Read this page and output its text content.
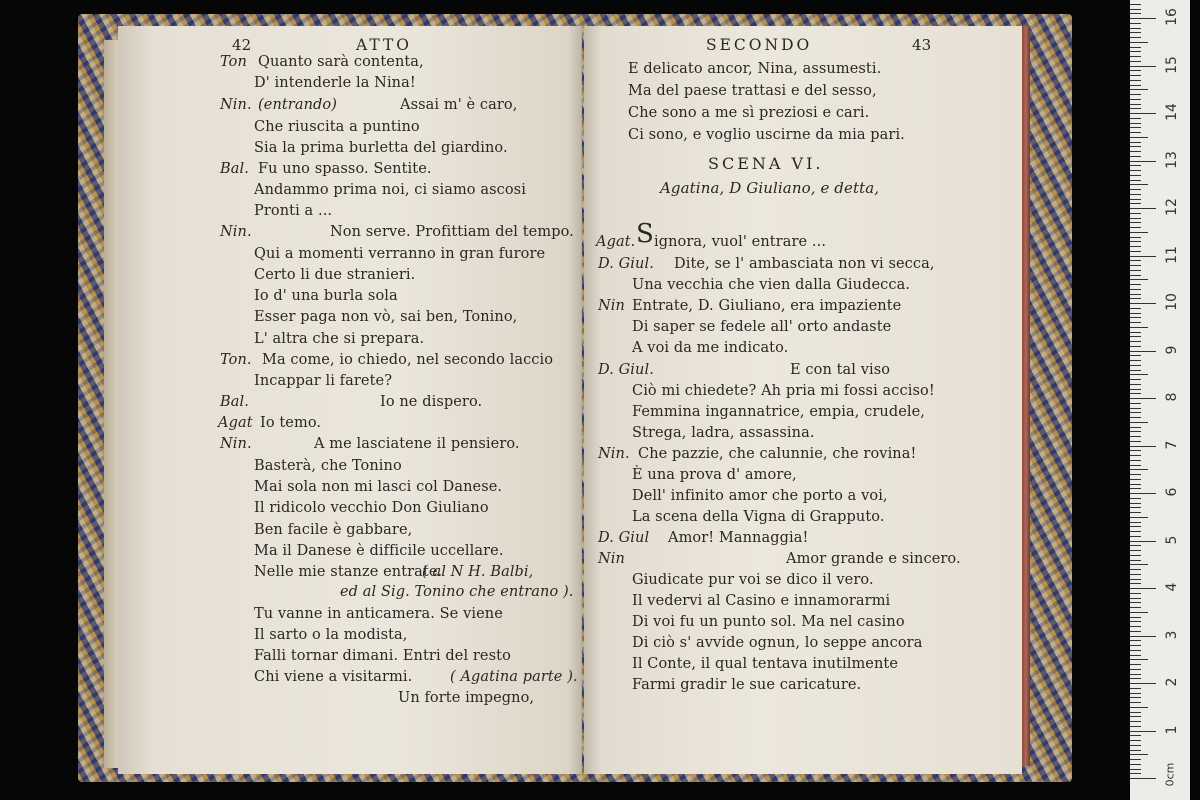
42	ATTO
Ton Quanto sarà contenta,
D' intenderle la Nina!
Nin. (entrando)	Assai m' è caro,
Che riuscita a puntino
Sia la prima burletta del giardino.
Bal. Fu uno spasso. Sentite.
Andammo prima noi, ci siamo ascosi
Pronti a ...
Nin.	Non serve. Profittiam del tempo.
Qui a momenti verranno in gran furore
Certo li due stranieri.
Io d' una burla sola
Esser paga non vò, sai ben, Tonino,
L' altra che si prepara.
Ton. Ma come, io chiedo, nel secondo laccio
Incappar li farete?
Bal.	Io ne dispero.
Agat Io temo.
Nin.	A me lasciatene il pensiero.
Basterà, che Tonino
Mai sola non mi lasci col Danese.
Il ridicolo vecchio Don Giuliano
Ben facile è gabbare,
Ma il Danese è difficile uccellare.
Nelle mie stanze entrate.
( al N H. Balbi,
ed al Sig. Tonino che entrano ).
Tu vanne in anticamera. Se viene
Il sarto o la modista,
Falli tornar dimani. Entri del resto
Chi viene a visitarmi.	( Agatina parte ).
Un forte impegno,
SECONDO	43
E delicato ancor, Nina, assumesti.
Ma del paese trattasi e del sesso,
Che sono a me sì preziosi e cari.
Ci sono, e voglio uscirne da mia pari.
SCENA VI.
Agatina, D Giuliano, e detta,
Agat. S ignora, vuol' entrare ...
D. Giul. Dite, se l' ambasciata non vi secca,
Una vecchia che vien dalla Giudecca.
Nin Entrate, D. Giuliano, era impaziente
Di saper se fedele all' orto andaste
A voi da me indicato.
D. Giul.	E con tal viso
Ciò mi chiedete? Ah pria mi fossi acciso!
Femmina ingannatrice, empia, crudele,
Strega, ladra, assassina.
Nin. Che pazzie, che calunnie, che rovina!
È una prova d' amore,
Dell' infinito amor che porto a voi,
La scena della Vigna di Grapputo.
D. Giul Amor! Mannaggia!
Nin	Amor grande e sincero.
Giudicate pur voi se dico il vero.
Il vedervi al Casino e innamorarmi
Di voi fu un punto sol. Ma nel casino
Di ciò s' avvide ognun, lo seppe ancora
Il Conte, il qual tentava inutilmente
Farmi gradir le sue caricature.
1
2
3
4
5
6
7
8
9
10
11
12
13
14
15
16
0cm
